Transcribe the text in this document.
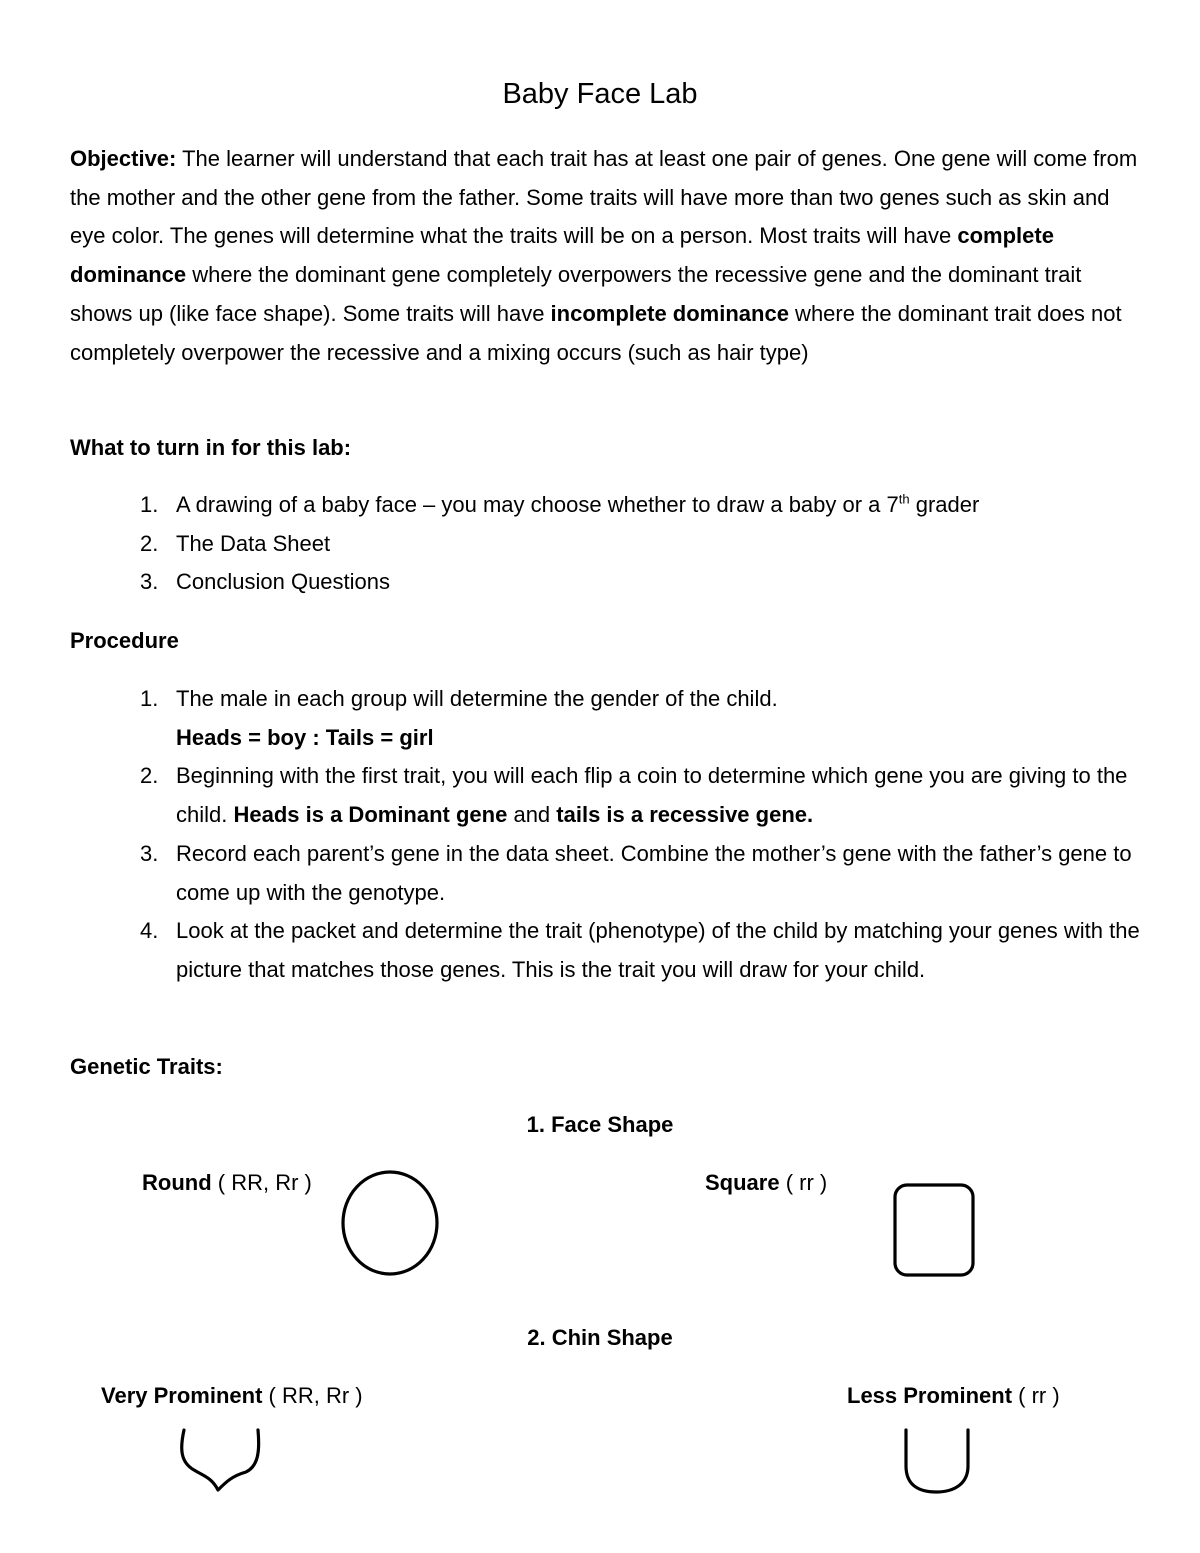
Baby Face Lab

Objective: The learner will understand that each trait has at least one pair of genes. One gene will come from the mother and the other gene from the father. Some traits will have more than two genes such as skin and eye color. The genes will determine what the traits will be on a person. Most traits will have complete dominance where the dominant gene completely overpowers the recessive gene and the dominant trait shows up (like face shape). Some traits will have incomplete dominance where the dominant trait does not completely overpower the recessive and a mixing occurs (such as hair type)

What to turn in for this lab:
1. A drawing of a baby face – you may choose whether to draw a baby or a 7th grader
2. The Data Sheet
3. Conclusion Questions
Procedure
1. The male in each group will determine the gender of the child.
Heads = boy : Tails = girl
2. Beginning with the first trait, you will each flip a coin to determine which gene you are giving to the child. Heads is a Dominant gene and tails is a recessive gene.
3. Record each parent’s gene in the data sheet. Combine the mother’s gene with the father’s gene to come up with the genotype.
4. Look at the packet and determine the trait (phenotype) of the child by matching your genes with the picture that matches those genes. This is the trait you will draw for your child.
Genetic Traits:
1. Face Shape
Round ( RR, Rr )	Square ( rr )
2. Chin Shape
Very Prominent ( RR, Rr )	Less Prominent ( rr )
